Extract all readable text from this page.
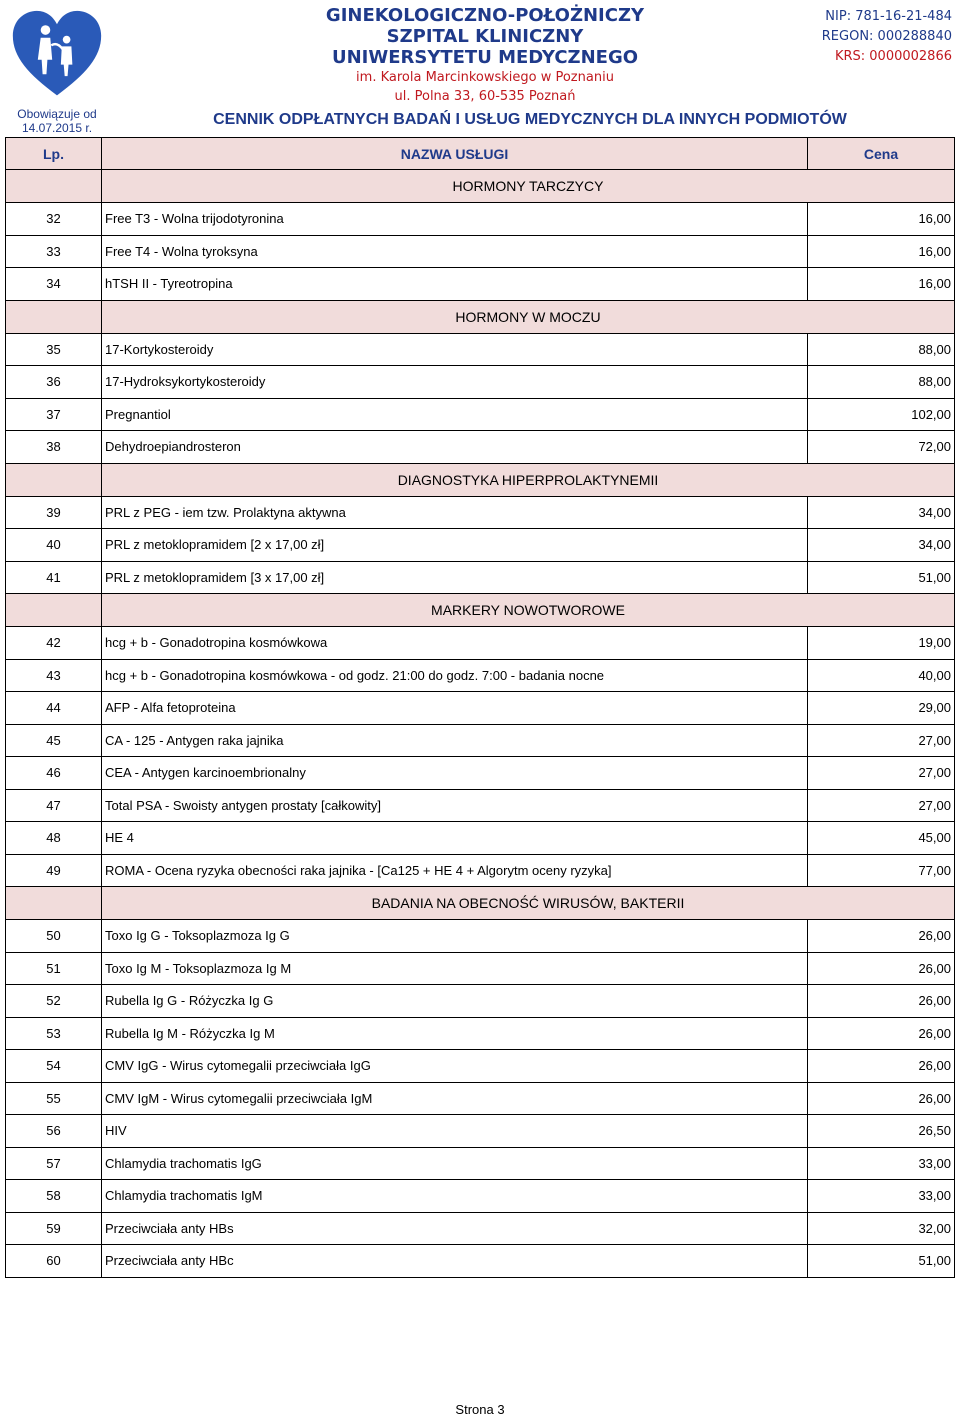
Obowiązuje od
14.07.2015 r.
GINEKOLOGICZNO-POŁOŻNICZY
SZPITAL KLINICZNY
UNIWERSYTETU MEDYCZNEGO
im. Karola Marcinkowskiego w Poznaniu
ul. Polna 33, 60-535 Poznań
NIP: 781-16-21-484
REGON: 000288840
KRS: 0000002866
CENNIK ODPŁATNYCH BADAŃ I USŁUG MEDYCZNYCH DLA INNYCH PODMIOTÓW
Lp.	NAZWA USŁUGI	Cena
	HORMONY TARCZYCY	
32	Free T3 - Wolna trijodotyronina	16,00
33	Free T4 - Wolna tyroksyna	16,00
34	hTSH II - Tyreotropina	16,00
	HORMONY W MOCZU	
35	17-Kortykosteroidy	88,00
36	17-Hydroksykortykosteroidy	88,00
37	Pregnantiol	102,00
38	Dehydroepiandrosteron	72,00
	DIAGNOSTYKA HIPERPROLAKTYNEMII	
39	PRL z PEG - iem tzw. Prolaktyna aktywna	34,00
40	PRL z metoklopramidem [2 x 17,00 zł]	34,00
41	PRL z metoklopramidem [3 x 17,00 zł]	51,00
	MARKERY NOWOTWOROWE	
42	hcg + b - Gonadotropina kosmówkowa	19,00
43	hcg + b - Gonadotropina kosmówkowa - od godz. 21:00 do godz. 7:00 - badania nocne	40,00
44	AFP - Alfa fetoproteina	29,00
45	CA - 125 - Antygen raka jajnika	27,00
46	CEA - Antygen karcinoembrionalny	27,00
47	Total PSA - Swoisty antygen prostaty [całkowity]	27,00
48	HE 4	45,00
49	ROMA - Ocena ryzyka obecności raka jajnika - [Ca125 + HE 4 + Algorytm oceny ryzyka]	77,00
	BADANIA NA OBECNOŚĆ WIRUSÓW, BAKTERII	
50	Toxo Ig G - Toksoplazmoza Ig G	26,00
51	Toxo Ig M - Toksoplazmoza Ig M	26,00
52	Rubella Ig G - Różyczka Ig G	26,00
53	Rubella Ig M - Różyczka Ig M	26,00
54	CMV IgG - Wirus cytomegalii przeciwciała IgG	26,00
55	CMV IgM - Wirus cytomegalii przeciwciała IgM	26,00
56	HIV	26,50
57	Chlamydia trachomatis IgG	33,00
58	Chlamydia trachomatis IgM	33,00
59	Przeciwciała anty HBs	32,00
60	Przeciwciała anty HBc	51,00
Strona 3
